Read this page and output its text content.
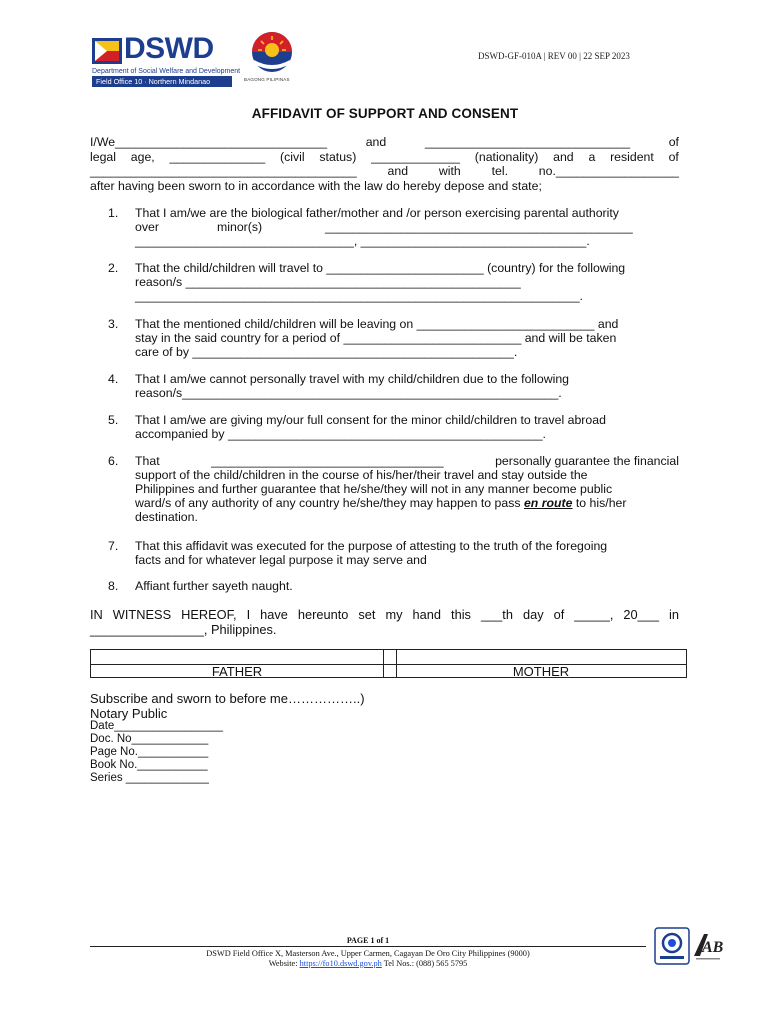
DSWD
Department of Social Welfare and Development
Field Office 10 · Northern Mindanao	BAGONG PILIPINAS
DSWD-GF-010A | REV 00 | 22 SEP 2023
AFFIDAVIT OF SUPPORT AND CONSENT
I/We_______________________________	and	______________________________	of
legal age, ______________ (civil status) _____________ (nationality) and a resident of
_______________________________________	and	with	tel.	no.__________________
after having been sworn to in accordance with the law do hereby depose and state;
1. That I am/we are the biological father/mother and /or person exercising parental authority
over	minor(s)	_____________________________________________
________________________________, _________________________________.
2. That the child/children will travel to _______________________ (country) for the following
reason/s _________________________________________________
_________________________________________________________________.
3. That the mentioned child/children will be leaving on __________________________ and
stay in the said country for a period of __________________________ and will be taken
care of by _______________________________________________.
4. That I am/we cannot personally travel with my child/children due to the following
reason/s_______________________________________________________.
5. That I am/we are giving my/our full consent for the minor child/children to travel abroad
accompanied by ______________________________________________.
6. That	__________________________________	personally guarantee the financial
support of the child/children in the course of his/her/their travel and stay outside the
Philippines and further guarantee that he/she/they will not in any manner become public
ward/s of any authority of any country he/she/they may happen to pass en route to his/her
destination.
7. That this affidavit was executed for the purpose of attesting to the truth of the foregoing
facts and for whatever legal purpose it may serve and
8. Affiant further sayeth naught.
IN WITNESS HEREOF, I have hereunto set my hand this ___th day of _____, 20___ in
________________, Philippines.
FATHER	MOTHER
Subscribe and sworn to before me……………..)
Notary Public
Date_________________
Doc. No____________
Page No.___________
Book No.___________
Series _____________
PAGE 1 of 1
DSWD Field Office X, Masterson Ave., Upper Carmen, Cagayan De Oro City Philippines (9000)
Website: https://fo10.dswd.gov.ph Tel Nos.: (088) 565 5795
AB
